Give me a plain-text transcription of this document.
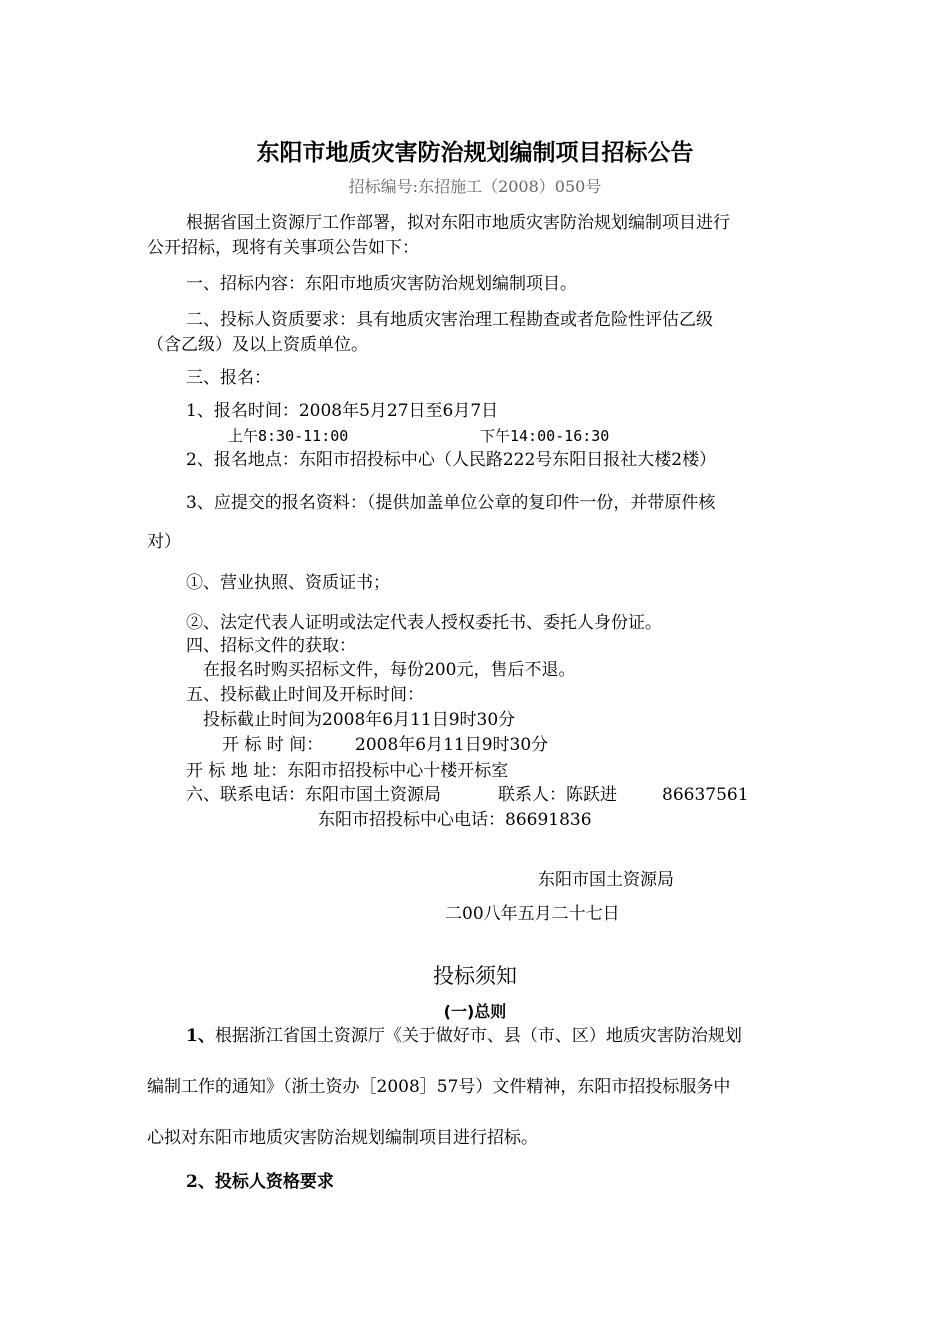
东阳市地质灾害防治规划编制项目招标公告
招标编号:东招施工（2008）050号
根据省国土资源厅工作部署，拟对东阳市地质灾害防治规划编制项目进行
公开招标，现将有关事项公告如下：
一、招标内容：东阳市地质灾害防治规划编制项目。
二、投标人资质要求：具有地质灾害治理工程勘查或者危险性评估乙级
（含乙级）及以上资质单位。
三、报名：
1、报名时间：2008年5月27日至6月7日
上午8:30-11:00	下午14:00-16:30
2、报名地点：东阳市招投标中心（人民路222号东阳日报社大楼2楼）
3、应提交的报名资料：（提供加盖单位公章的复印件一份，并带原件核
对）
①、营业执照、资质证书；
②、法定代表人证明或法定代表人授权委托书、委托人身份证。
四、招标文件的获取：
在报名时购买招标文件，每份200元，售后不退。
五、投标截止时间及开标时间：
投标截止时间为2008年6月11日9时30分
开 标 时 间： 2008年6月11日9时30分
开 标 地 址：东阳市招投标中心十楼开标室
六、联系电话：东阳市国土资源局	联系人：陈跃进	86637561
东阳市招投标中心电话：86691836
东阳市国土资源局
二00八年五月二十七日
投标须知
(一)总则
1、根据浙江省国土资源厅《关于做好市、县（市、区）地质灾害防治规划
编制工作的通知》（浙土资办［2008］57号）文件精神，东阳市招投标服务中
心拟对东阳市地质灾害防治规划编制项目进行招标。
2、投标人资格要求
